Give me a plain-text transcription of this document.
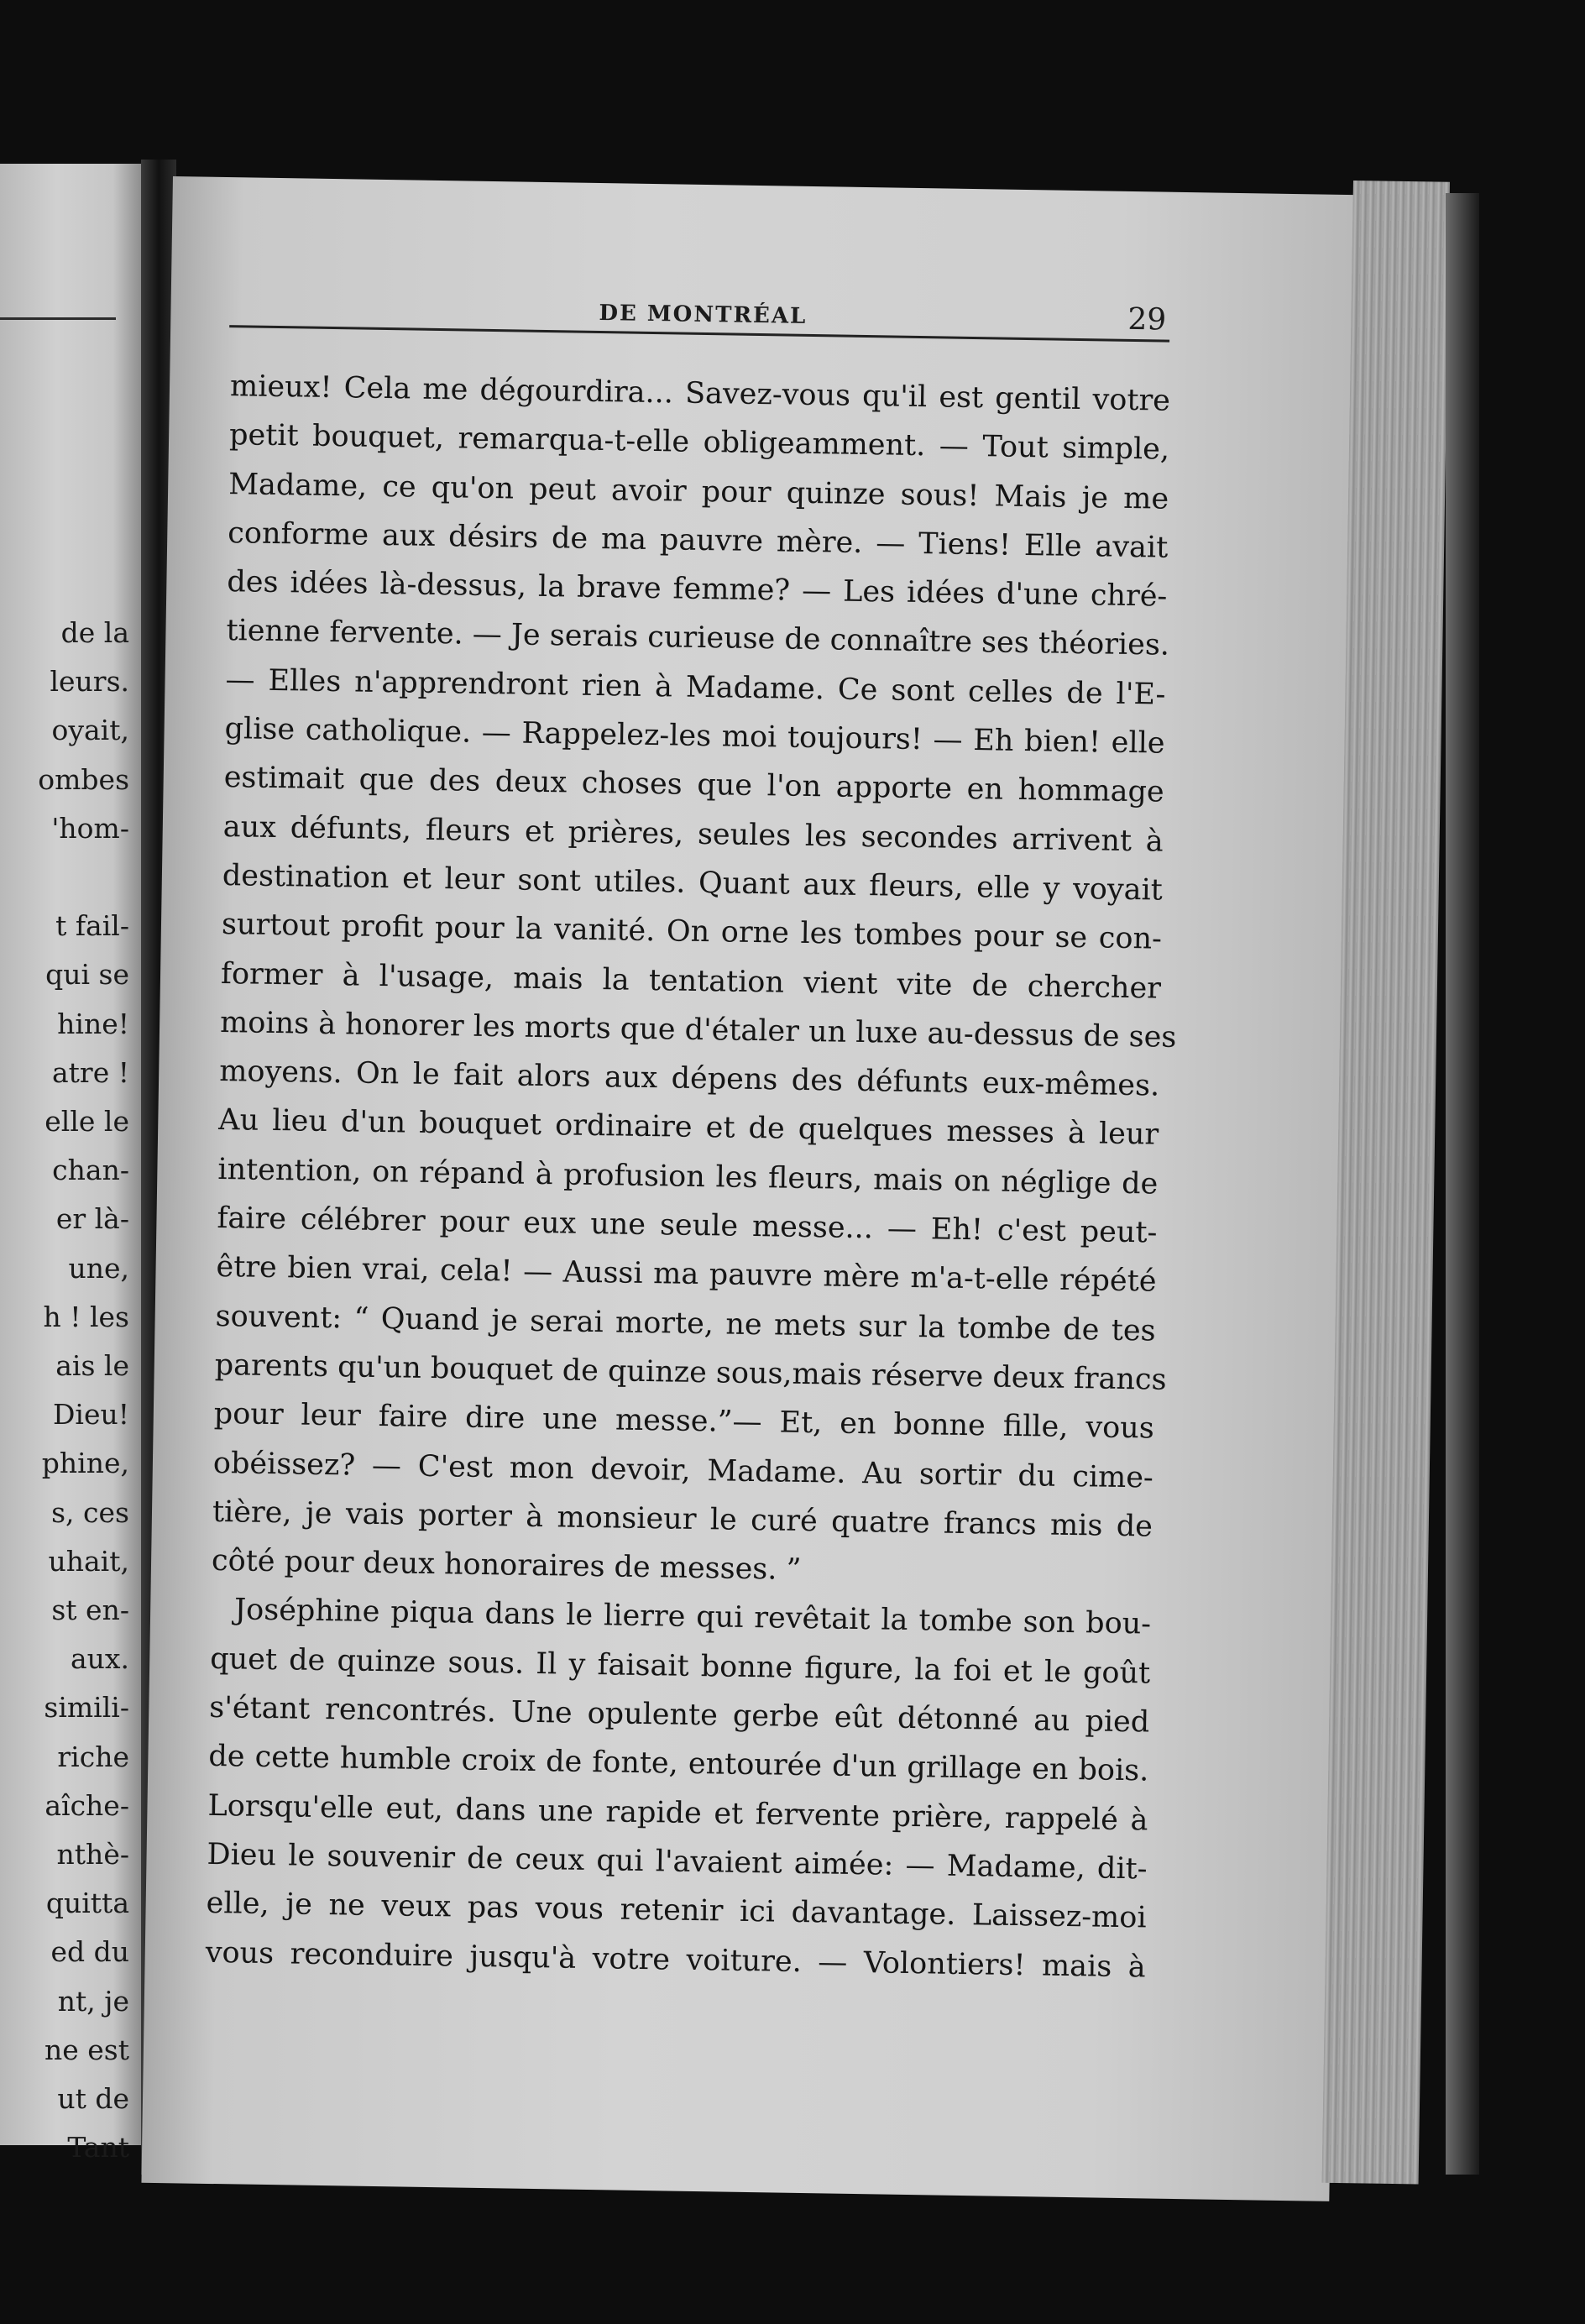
de la
leurs.
oyait,
ombes
'hom-

t fail-
qui se
hine!
atre !
elle le
chan-
er là-
une,
h ! les
ais le
Dieu!
phine,
s, ces
uhait,
st en-
aux.
simili-
riche
aîche-
nthè-
quitta
ed du
nt, je
ne est
ut de
Tant
DE MONTRÉAL	29
mieux! Cela me dégourdira... Savez-vous qu'il est gentil votre
petit bouquet, remarqua-t-elle obligeamment. — Tout simple,
Madame, ce qu'on peut avoir pour quinze sous! Mais je me
conforme aux désirs de ma pauvre mère. — Tiens! Elle avait
des idées là-dessus, la brave femme? — Les idées d'une chré-
tienne fervente. — Je serais curieuse de connaître ses théories.
— Elles n'apprendront rien à Madame. Ce sont celles de l'E-
glise catholique. — Rappelez-les moi toujours! — Eh bien! elle
estimait que des deux choses que l'on apporte en hommage
aux défunts, fleurs et prières, seules les secondes arrivent à
destination et leur sont utiles. Quant aux fleurs, elle y voyait
surtout profit pour la vanité. On orne les tombes pour se con-
former à l'usage, mais la tentation vient vite de chercher
moins à honorer les morts que d'étaler un luxe au-dessus de ses
moyens. On le fait alors aux dépens des défunts eux-mêmes.
Au lieu d'un bouquet ordinaire et de quelques messes à leur
intention, on répand à profusion les fleurs, mais on néglige de
faire célébrer pour eux une seule messe... — Eh! c'est peut-
être bien vrai, cela! — Aussi ma pauvre mère m'a-t-elle répété
souvent: “ Quand je serai morte, ne mets sur la tombe de tes
parents qu'un bouquet de quinze sous,mais réserve deux francs
pour leur faire dire une messe.”— Et, en bonne fille, vous
obéissez? — C'est mon devoir, Madame. Au sortir du cime-
tière, je vais porter à monsieur le curé quatre francs mis de
côté pour deux honoraires de messes. ”
Joséphine piqua dans le lierre qui revêtait la tombe son bou-
quet de quinze sous. Il y faisait bonne figure, la foi et le goût
s'étant rencontrés. Une opulente gerbe eût détonné au pied
de cette humble croix de fonte, entourée d'un grillage en bois.
Lorsqu'elle eut, dans une rapide et fervente prière, rappelé à
Dieu le souvenir de ceux qui l'avaient aimée: — Madame, dit-
elle, je ne veux pas vous retenir ici davantage. Laissez-moi
vous reconduire jusqu'à votre voiture. — Volontiers! mais à
